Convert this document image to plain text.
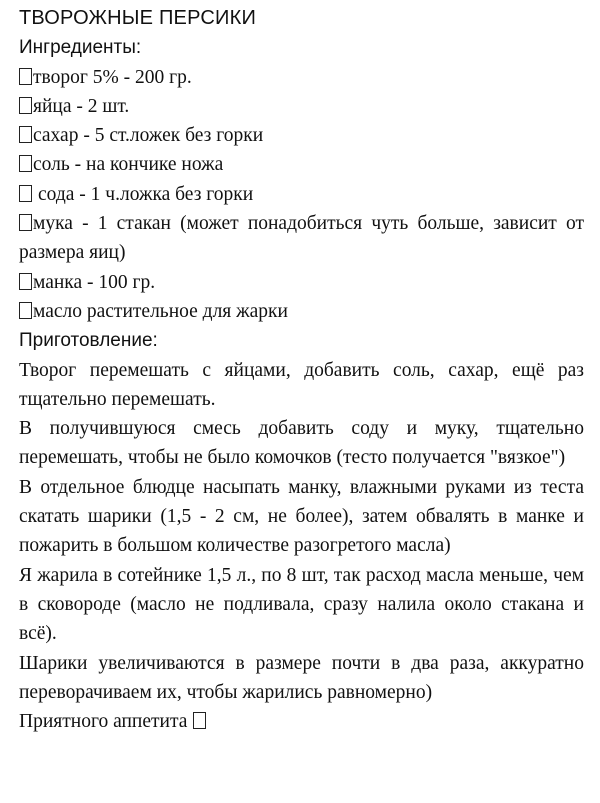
ТВОРОЖНЫЕ ПЕРСИКИ

Ингредиенты:

творог 5% - 200 гр.

яйца - 2 шт.

сахар - 5 ст.ложек без горки

соль - на кончике ножа

сода - 1 ч.ложка без горки

мука - 1 стакан (может понадобиться чуть больше, зависит от размера яиц)

манка - 100 гр.

масло растительное для жарки

Приготовление:

Творог перемешать с яйцами, добавить соль, сахар, ещё раз тщательно перемешать.

В получившуюся смесь добавить соду и муку, тщательно перемешать, чтобы не было комочков (тесто получается "вязкое")

В отдельное блюдце насыпать манку, влажными руками из теста скатать шарики (1,5 - 2 см, не более), затем обвалять в манке и пожарить в большом количестве разогретого масла)

Я жарила в сотейнике 1,5 л., по 8 шт, так расход масла меньше, чем в сковороде (масло не подливала, сразу налила около стакана и всё).

Шарики увеличиваются в размере почти в два раза, аккуратно переворачиваем их, чтобы жарились равномерно)

Приятного аппетита
